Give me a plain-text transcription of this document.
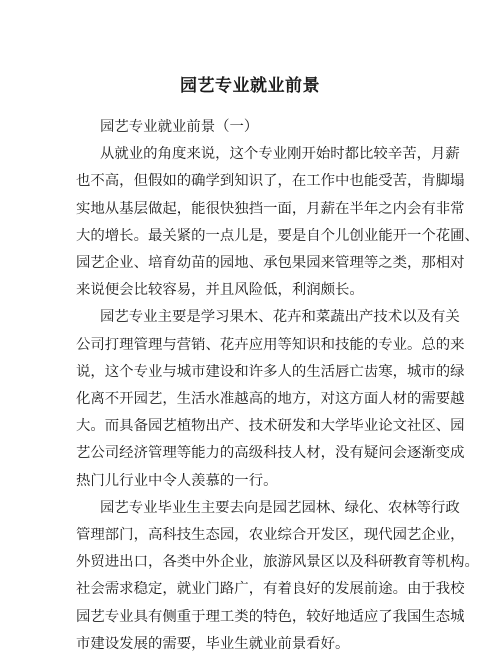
园艺专业就业前景

园艺专业就业前景（一）

从就业的角度来说，这个专业刚开始时都比较辛苦，月薪
也不高，但假如的确学到知识了，在工作中也能受苦，肯脚塌
实地从基层做起，能很快独挡一面，月薪在半年之内会有非常
大的增长。最关紧的一点儿是，要是自个儿创业能开一个花圃、
园艺企业、培育幼苗的园地、承包果园来管理等之类，那相对
来说便会比较容易，并且风险低，利润颇长。

园艺专业主要是学习果木、花卉和菜蔬出产技术以及有关
公司打理管理与营销、花卉应用等知识和技能的专业。总的来
说，这个专业与城市建设和许多人的生活唇亡齿寒，城市的绿
化离不开园艺，生活水准越高的地方，对这方面人材的需要越
大。而具备园艺植物出产、技术研发和大学毕业论文社区、园
艺公司经济管理等能力的高级科技人材，没有疑问会逐渐变成
热门儿行业中令人羡慕的一行。

园艺专业毕业生主要去向是园艺园林、绿化、农林等行政
管理部门，高科技生态园，农业综合开发区，现代园艺企业，
外贸进出口，各类中外企业，旅游风景区以及科研教育等机构。
社会需求稳定，就业门路广，有着良好的发展前途。由于我校
园艺专业具有侧重于理工类的特色，较好地适应了我国生态城
市建设发展的需要，毕业生就业前景看好。
